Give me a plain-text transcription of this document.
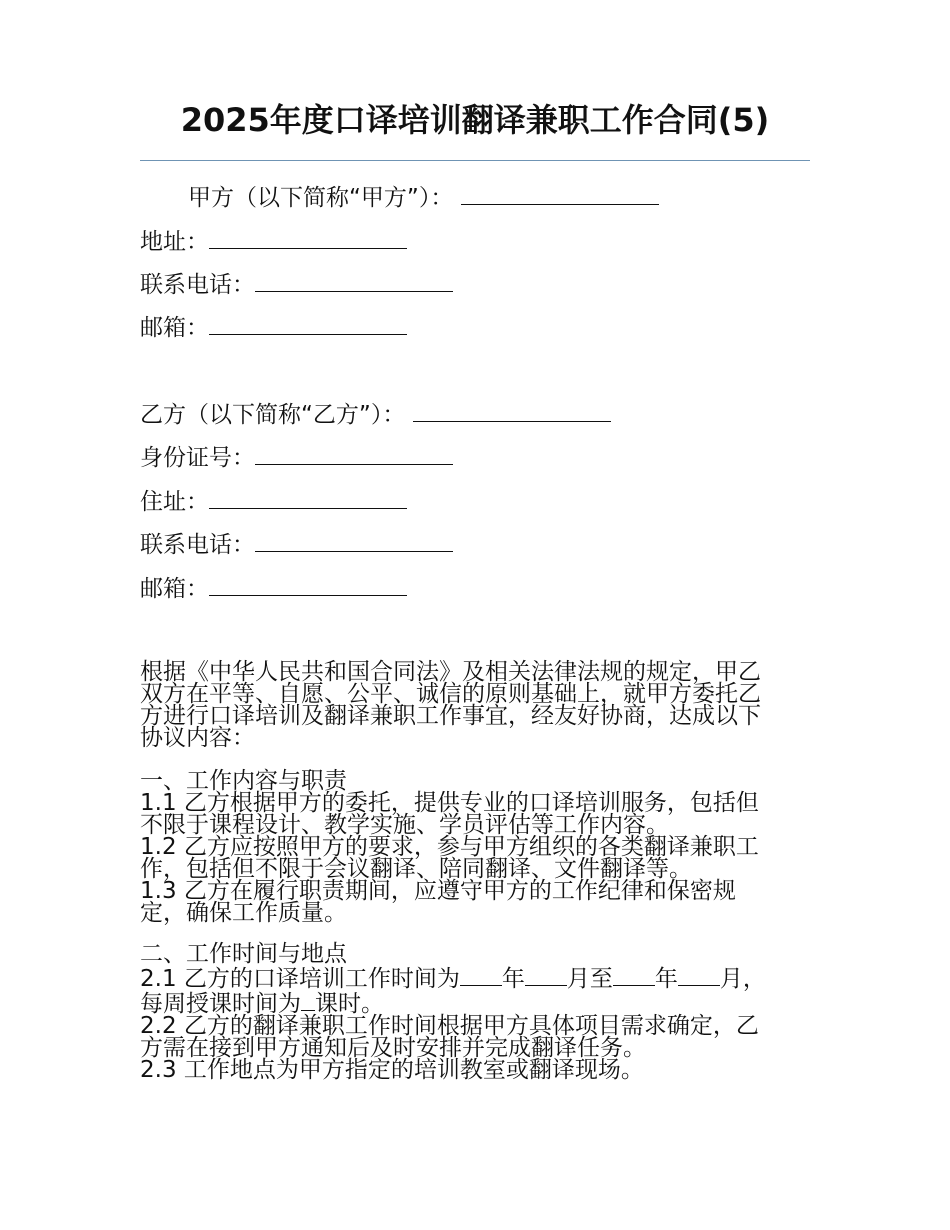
2025年度口译培训翻译兼职工作合同(5)
甲方（以下简称“甲方”）：
地址：
联系电话：
邮箱：
乙方（以下简称“乙方”）：
身份证号：
住址：
联系电话：
邮箱：
根据《中华人民共和国合同法》及相关法律法规的规定，甲乙
双方在平等、自愿、公平、诚信的原则基础上，就甲方委托乙
方进行口译培训及翻译兼职工作事宜，经友好协商，达成以下
协议内容：
一、工作内容与职责
1.1 乙方根据甲方的委托，提供专业的口译培训服务，包括但
不限于课程设计、教学实施、学员评估等工作内容。
1.2 乙方应按照甲方的要求，参与甲方组织的各类翻译兼职工
作，包括但不限于会议翻译、陪同翻译、文件翻译等。
1.3 乙方在履行职责期间，应遵守甲方的工作纪律和保密规
定，确保工作质量。
二、工作时间与地点
2.1 乙方的口译培训工作时间为 年 月至 年 月，
每周授课时间为 课时。
2.2 乙方的翻译兼职工作时间根据甲方具体项目需求确定，乙
方需在接到甲方通知后及时安排并完成翻译任务。
2.3 工作地点为甲方指定的培训教室或翻译现场。
